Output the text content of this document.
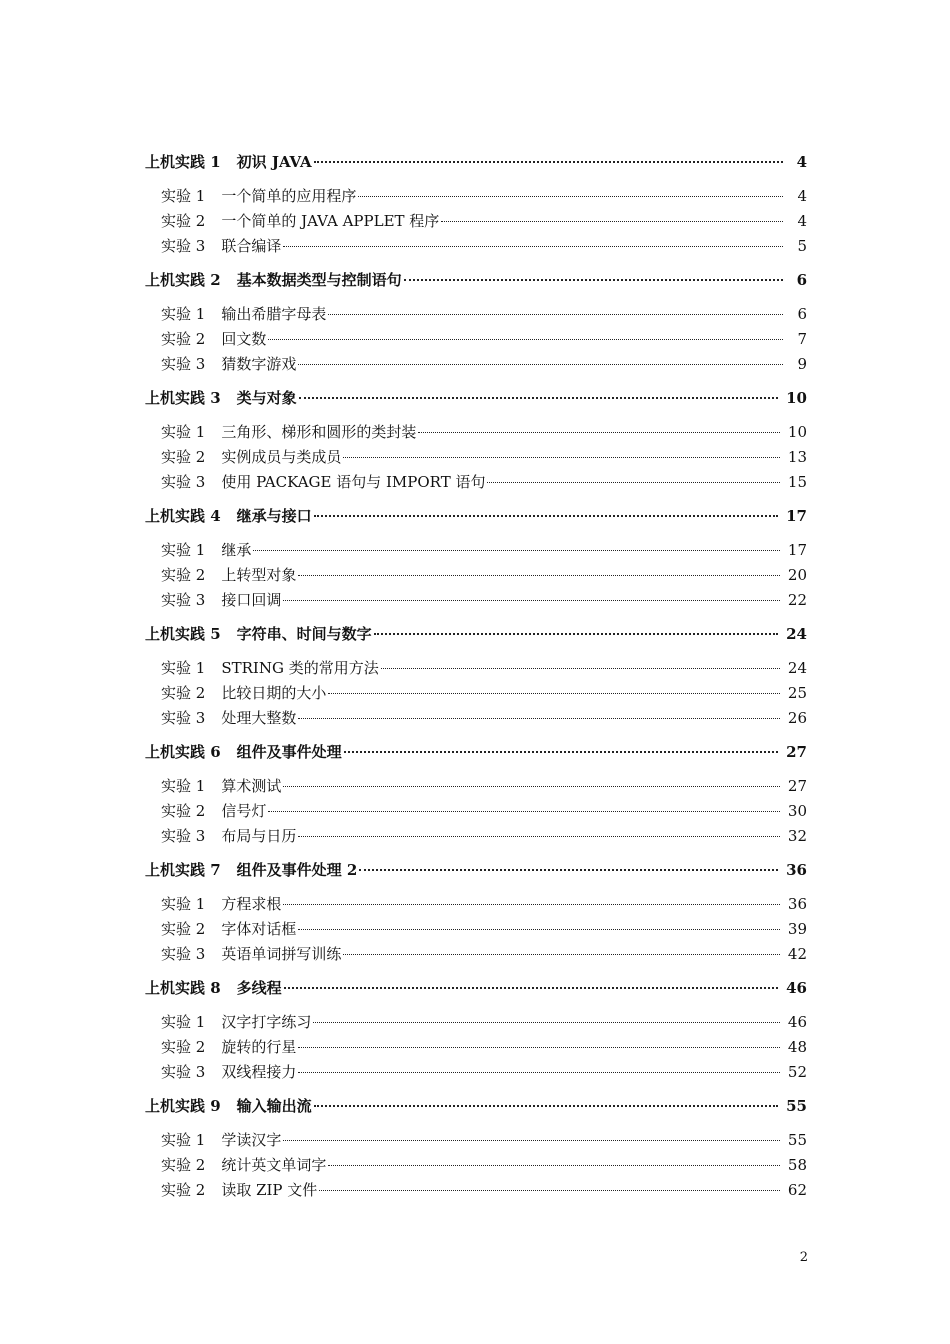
上机实践 1 初识 JAVA	4
实验 1 一个简单的应用程序	4
实验 2 一个简单的 JAVA APPLET 程序	4
实验 3 联合编译	5
上机实践 2 基本数据类型与控制语句	6
实验 1 输出希腊字母表	6
实验 2 回文数	7
实验 3 猜数字游戏	9
上机实践 3 类与对象	10
实验 1 三角形、梯形和圆形的类封装	10
实验 2 实例成员与类成员	13
实验 3 使用 PACKAGE 语句与 IMPORT 语句	15
上机实践 4 继承与接口	17
实验 1 继承	17
实验 2 上转型对象	20
实验 3 接口回调	22
上机实践 5 字符串、时间与数字	24
实验 1 STRING 类的常用方法	24
实验 2 比较日期的大小	25
实验 3 处理大整数	26
上机实践 6 组件及事件处理	27
实验 1 算术测试	27
实验 2 信号灯	30
实验 3 布局与日历	32
上机实践 7 组件及事件处理 2	36
实验 1 方程求根	36
实验 2 字体对话框	39
实验 3 英语单词拼写训练	42
上机实践 8 多线程	46
实验 1 汉字打字练习	46
实验 2 旋转的行星	48
实验 3 双线程接力	52
上机实践 9 输入输出流	55
实验 1 学读汉字	55
实验 2 统计英文单词字	58
实验 2 读取 ZIP 文件	62
2
